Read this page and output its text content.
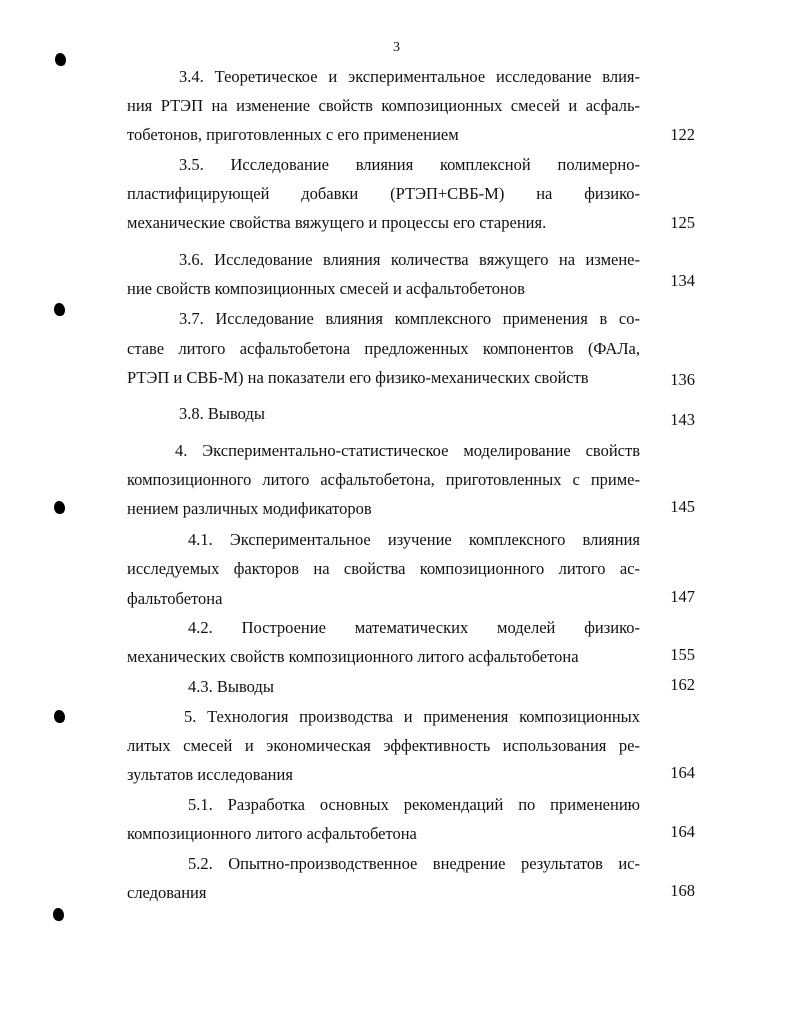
3
3.4. Теоретическое и экспериментальное исследование влия-
ния РТЭП на изменение свойств композиционных смесей и асфаль-
тобетонов, приготовленных с его применением	122
3.5. Исследование влияния комплексной полимерно-
пластифицирующей добавки (РТЭП+СВБ-М) на физико-
механические свойства вяжущего и процессы его старения.	125
3.6. Исследование влияния количества вяжущего на измене-
ние свойств композиционных смесей и асфальтобетонов	134
3.7. Исследование влияния комплексного применения в со-
ставе литого асфальтобетона предложенных компонентов (ФАЛа,
РТЭП и СВБ-М) на показатели его физико-механических свойств	136
3.8. Выводы	143
4. Экспериментально-статистическое моделирование свойств
композиционного литого асфальтобетона, приготовленных с приме-
нением различных модификаторов	145
4.1. Экспериментальное изучение комплексного влияния
исследуемых факторов на свойства композиционного литого ас-
фальтобетона	147
4.2. Построение математических моделей физико-
механических свойств композиционного литого асфальтобетона	155
4.3. Выводы	162
5. Технология производства и применения композиционных
литых смесей и экономическая эффективность использования ре-
зультатов исследования	164
5.1. Разработка основных рекомендаций по применению
композиционного литого асфальтобетона	164
5.2. Опытно-производственное внедрение результатов ис-
следования	168
